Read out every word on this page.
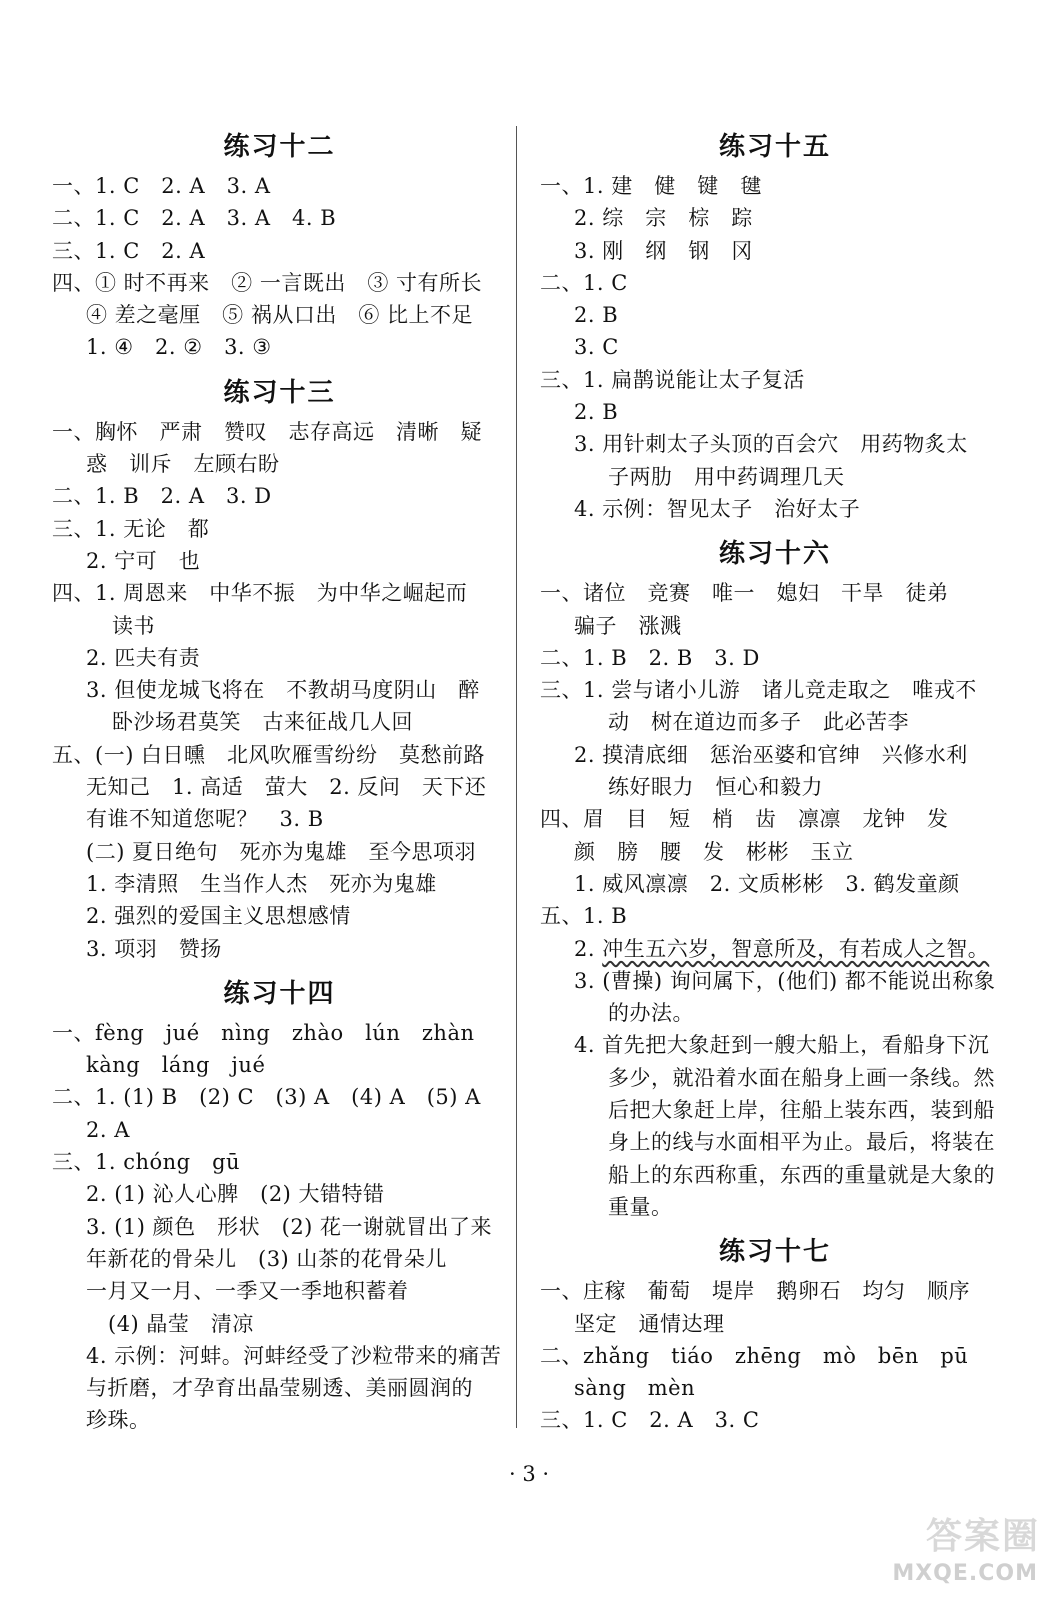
练习十二
一、1. C　2. A　3. A
二、1. C　2. A　3. A　4. B
三、1. C　2. A
四、① 时不再来　② 一言既出　③ 寸有所长
④ 差之毫厘　⑤ 祸从口出　⑥ 比上不足
1. ④　2. ②　3. ③
练习十三
一、胸怀　严肃　赞叹　志存高远　清晰　疑
惑　训斥　左顾右盼
二、1. B　2. A　3. D
三、1. 无论　都
2. 宁可　也
四、1. 周恩来　中华不振　为中华之崛起而
读书
2. 匹夫有责
3. 但使龙城飞将在　不教胡马度阴山　醉
卧沙场君莫笑　古来征战几人回
五、(一) 白日曛　北风吹雁雪纷纷　莫愁前路
无知己　1. 高适　萤大　2. 反问　天下还
有谁不知道您呢？　3. B
(二) 夏日绝句　死亦为鬼雄　至今思项羽
1. 李清照　生当作人杰　死亦为鬼雄
2. 强烈的爱国主义思想感情
3. 项羽　赞扬
练习十四
一、fèng　jué　nìng　zhào　lún　zhàn
kàng　láng　jué
二、1. (1) B　(2) C　(3) A　(4) A　(5) A
2. A
三、1. chóng　gū
2. (1) 沁人心脾　(2) 大错特错
3. (1) 颜色　形状　(2) 花一谢就冒出了来
年新花的骨朵儿　(3) 山茶的花骨朵儿
一月又一月、一季又一季地积蓄着
(4) 晶莹　清凉
4. 示例：河蚌。河蚌经受了沙粒带来的痛苦
与折磨，才孕育出晶莹剔透、美丽圆润的
珍珠。
练习十五
一、1. 建　健　键　毽
2. 综　宗　棕　踪
3. 刚　纲　钢　冈
二、1. C
2. B
3. C
三、1. 扁鹊说能让太子复活
2. B
3. 用针刺太子头顶的百会穴　用药物炙太
子两肋　用中药调理几天
4. 示例：智见太子　治好太子
练习十六
一、诸位　竞赛　唯一　媳妇　干旱　徒弟
骗子　涨溅
二、1. B　2. B　3. D
三、1. 尝与诸小儿游　诸儿竞走取之　唯戎不
动　树在道边而多子　此必苦李
2. 摸清底细　惩治巫婆和官绅　兴修水利
练好眼力　恒心和毅力
四、眉　目　短　梢　齿　凛凛　龙钟　发
颜　膀　腰　发　彬彬　玉立
1. 威风凛凛　2. 文质彬彬　3. 鹤发童颜
五、1. B
2. 冲生五六岁，智意所及，有若成人之智。
3. (曹操) 询问属下，(他们) 都不能说出称象
的办法。
4. 首先把大象赶到一艘大船上，看船身下沉
多少，就沿着水面在船身上画一条线。然
后把大象赶上岸，往船上装东西，装到船
身上的线与水面相平为止。最后，将装在
船上的东西称重，东西的重量就是大象的
重量。
练习十七
一、庄稼　葡萄　堤岸　鹅卵石　均匀　顺序
坚定　通情达理
二、zhǎng　tiáo　zhēng　mò　bēn　pū
sàng　mèn
三、1. C　2. A　3. C
· 3 ·
答案圈
MXQE.COM
